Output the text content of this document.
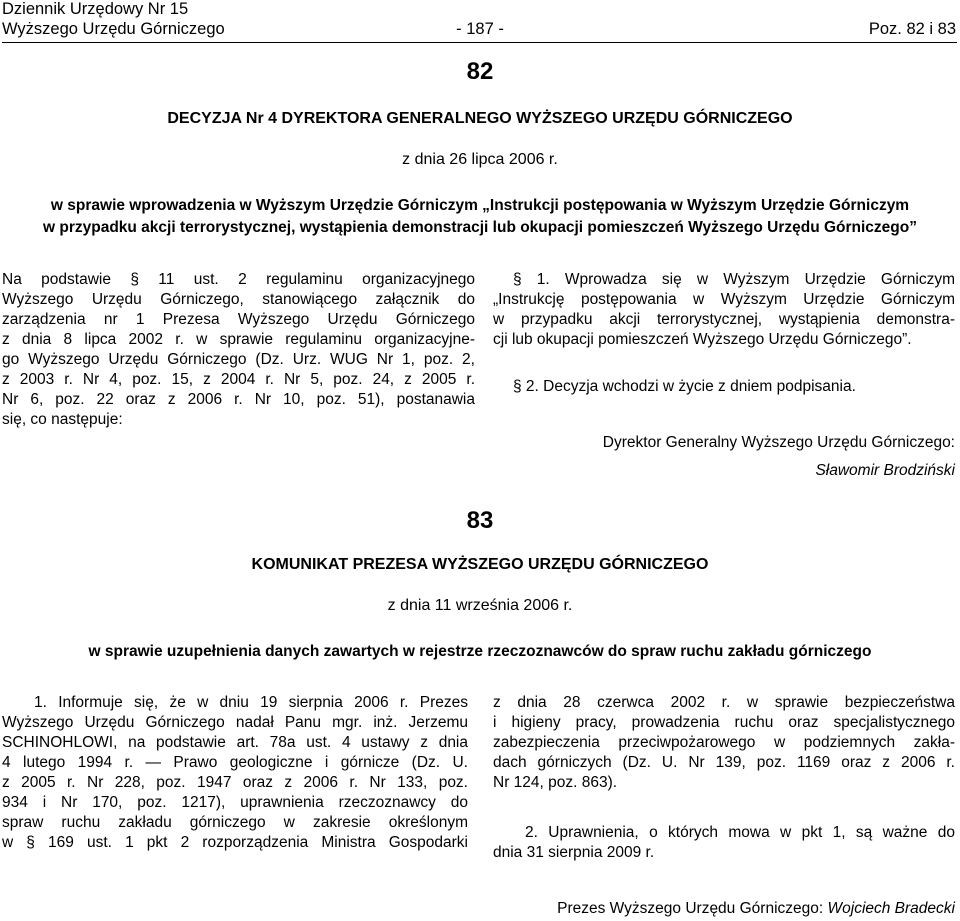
Dziennik Urzędowy Nr 15
Wyższego Urzędu Górniczego	- 187 -	Poz. 82 i 83
82
DECYZJA Nr 4 DYREKTORA GENERALNEGO WYŻSZEGO URZĘDU GÓRNICZEGO
z dnia 26 lipca 2006 r.
w sprawie wprowadzenia w Wyższym Urzędzie Górniczym „Instrukcji postępowania w Wyższym Urzędzie Górniczym
w przypadku akcji terrorystycznej, wystąpienia demonstracji lub okupacji pomieszczeń Wyższego Urzędu Górniczego”
Na podstawie § 11 ust. 2 regulaminu organizacyjnego
Wyższego Urzędu Górniczego, stanowiącego załącznik do
zarządzenia nr 1 Prezesa Wyższego Urzędu Górniczego
z dnia 8 lipca 2002 r. w sprawie regulaminu organizacyjne-
go Wyższego Urzędu Górniczego (Dz. Urz. WUG Nr 1, poz. 2,
z 2003 r. Nr 4, poz. 15, z 2004 r. Nr 5, poz. 24, z 2005 r.
Nr 6, poz. 22 oraz z 2006 r. Nr 10, poz. 51), postanawia
się, co następuje:
§ 1. Wprowadza się w Wyższym Urzędzie Górniczym
„Instrukcję postępowania w Wyższym Urzędzie Górniczym
w przypadku akcji terrorystycznej, wystąpienia demonstra-
cji lub okupacji pomieszczeń Wyższego Urzędu Górniczego”.
§ 2. Decyzja wchodzi w życie z dniem podpisania.
Dyrektor Generalny Wyższego Urzędu Górniczego:
Sławomir Brodziński
83
KOMUNIKAT PREZESA WYŻSZEGO URZĘDU GÓRNICZEGO
z dnia 11 września 2006 r.
w sprawie uzupełnienia danych zawartych w rejestrze rzeczoznawców do spraw ruchu zakładu górniczego
1. Informuje się, że w dniu 19 sierpnia 2006 r. Prezes
Wyższego Urzędu Górniczego nadał Panu mgr. inż. Jerzemu
SCHINOHLOWI, na podstawie art. 78a ust. 4 ustawy z dnia
4 lutego 1994 r. — Prawo geologiczne i górnicze (Dz. U.
z 2005 r. Nr 228, poz. 1947 oraz z 2006 r. Nr 133, poz.
934 i Nr 170, poz. 1217), uprawnienia rzeczoznawcy do
spraw ruchu zakładu górniczego w zakresie określonym
w § 169 ust. 1 pkt 2 rozporządzenia Ministra Gospodarki
z dnia 28 czerwca 2002 r. w sprawie bezpieczeństwa
i higieny pracy, prowadzenia ruchu oraz specjalistycznego
zabezpieczenia przeciwpożarowego w podziemnych zakła-
dach górniczych (Dz. U. Nr 139, poz. 1169 oraz z 2006 r.
Nr 124, poz. 863).
2. Uprawnienia, o których mowa w pkt 1, są ważne do
dnia 31 sierpnia 2009 r.
Prezes Wyższego Urzędu Górniczego: Wojciech Bradecki
